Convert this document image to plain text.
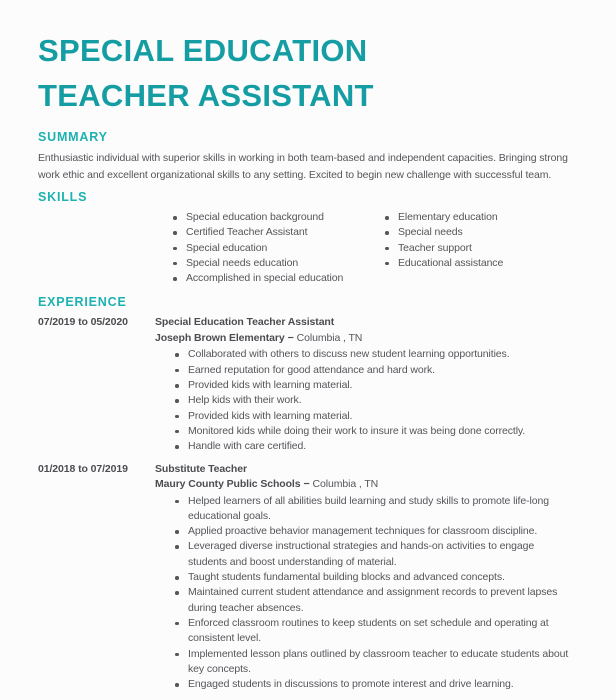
SPECIAL EDUCATION
TEACHER ASSISTANT
SUMMARY

Enthusiastic individual with superior skills in working in both team-based and independent capacities. Bringing strong work ethic and excellent organizational skills to any setting. Excited to begin new challenge with successful team.

SKILLS
Special education background
Certified Teacher Assistant
Special education
Special needs education
Accomplished in special education
Elementary education
Special needs
Teacher support
Educational assistance
EXPERIENCE
07/2019 to 05/2020	Special Education Teacher Assistant
Joseph Brown Elementary − Columbia , TN
Collaborated with others to discuss new student learning opportunities.
Earned reputation for good attendance and hard work.
Provided kids with learning material.
Help kids with their work.
Provided kids with learning material.
Monitored kids while doing their work to insure it was being done correctly.
Handle with care certified.
01/2018 to 07/2019	Substitute Teacher
Maury County Public Schools − Columbia , TN
Helped learners of all abilities build learning and study skills to promote life-long educational goals.
Applied proactive behavior management techniques for classroom discipline.
Leveraged diverse instructional strategies and hands-on activities to engage students and boost understanding of material.
Taught students fundamental building blocks and advanced concepts.
Maintained current student attendance and assignment records to prevent lapses during teacher absences.
Enforced classroom routines to keep students on set schedule and operating at consistent level.
Implemented lesson plans outlined by classroom teacher to educate students about key concepts.
Engaged students in discussions to promote interest and drive learning.
